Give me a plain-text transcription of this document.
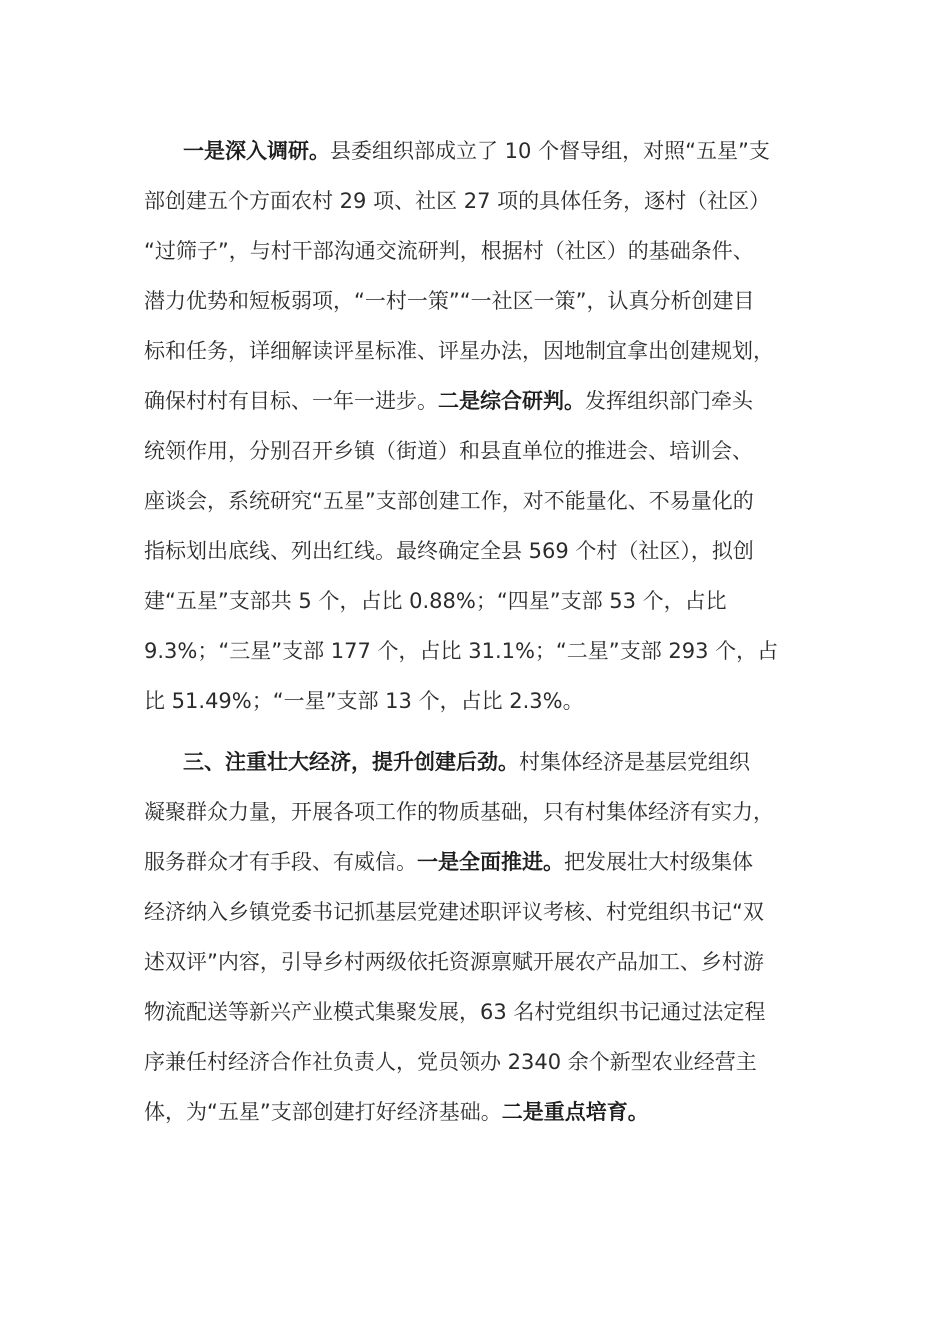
一是深入调研。县委组织部成立了 10 个督导组，对照“五星”支
部创建五个方面农村 29 项、社区 27 项的具体任务，逐村（社区）
“过筛子”，与村干部沟通交流研判，根据村（社区）的基础条件、
潜力优势和短板弱项，“一村一策”“一社区一策”，认真分析创建目
标和任务，详细解读评星标准、评星办法，因地制宜拿出创建规划，
确保村村有目标、一年一进步。二是综合研判。发挥组织部门牵头
统领作用，分别召开乡镇（街道）和县直单位的推进会、培训会、
座谈会，系统研究“五星”支部创建工作，对不能量化、不易量化的
指标划出底线、列出红线。最终确定全县 569 个村（社区），拟创
建“五星”支部共 5 个，占比 0.88%；“四星”支部 53 个，占比
9.3%；“三星”支部 177 个，占比 31.1%；“二星”支部 293 个，占
比 51.49%；“一星”支部 13 个，占比 2.3%。
三、注重壮大经济，提升创建后劲。村集体经济是基层党组织
凝聚群众力量，开展各项工作的物质基础，只有村集体经济有实力，
服务群众才有手段、有威信。一是全面推进。把发展壮大村级集体
经济纳入乡镇党委书记抓基层党建述职评议考核、村党组织书记“双
述双评”内容，引导乡村两级依托资源禀赋开展农产品加工、乡村游
物流配送等新兴产业模式集聚发展，63 名村党组织书记通过法定程
序兼任村经济合作社负责人，党员领办 2340 余个新型农业经营主
体，为“五星”支部创建打好经济基础。二是重点培育。
